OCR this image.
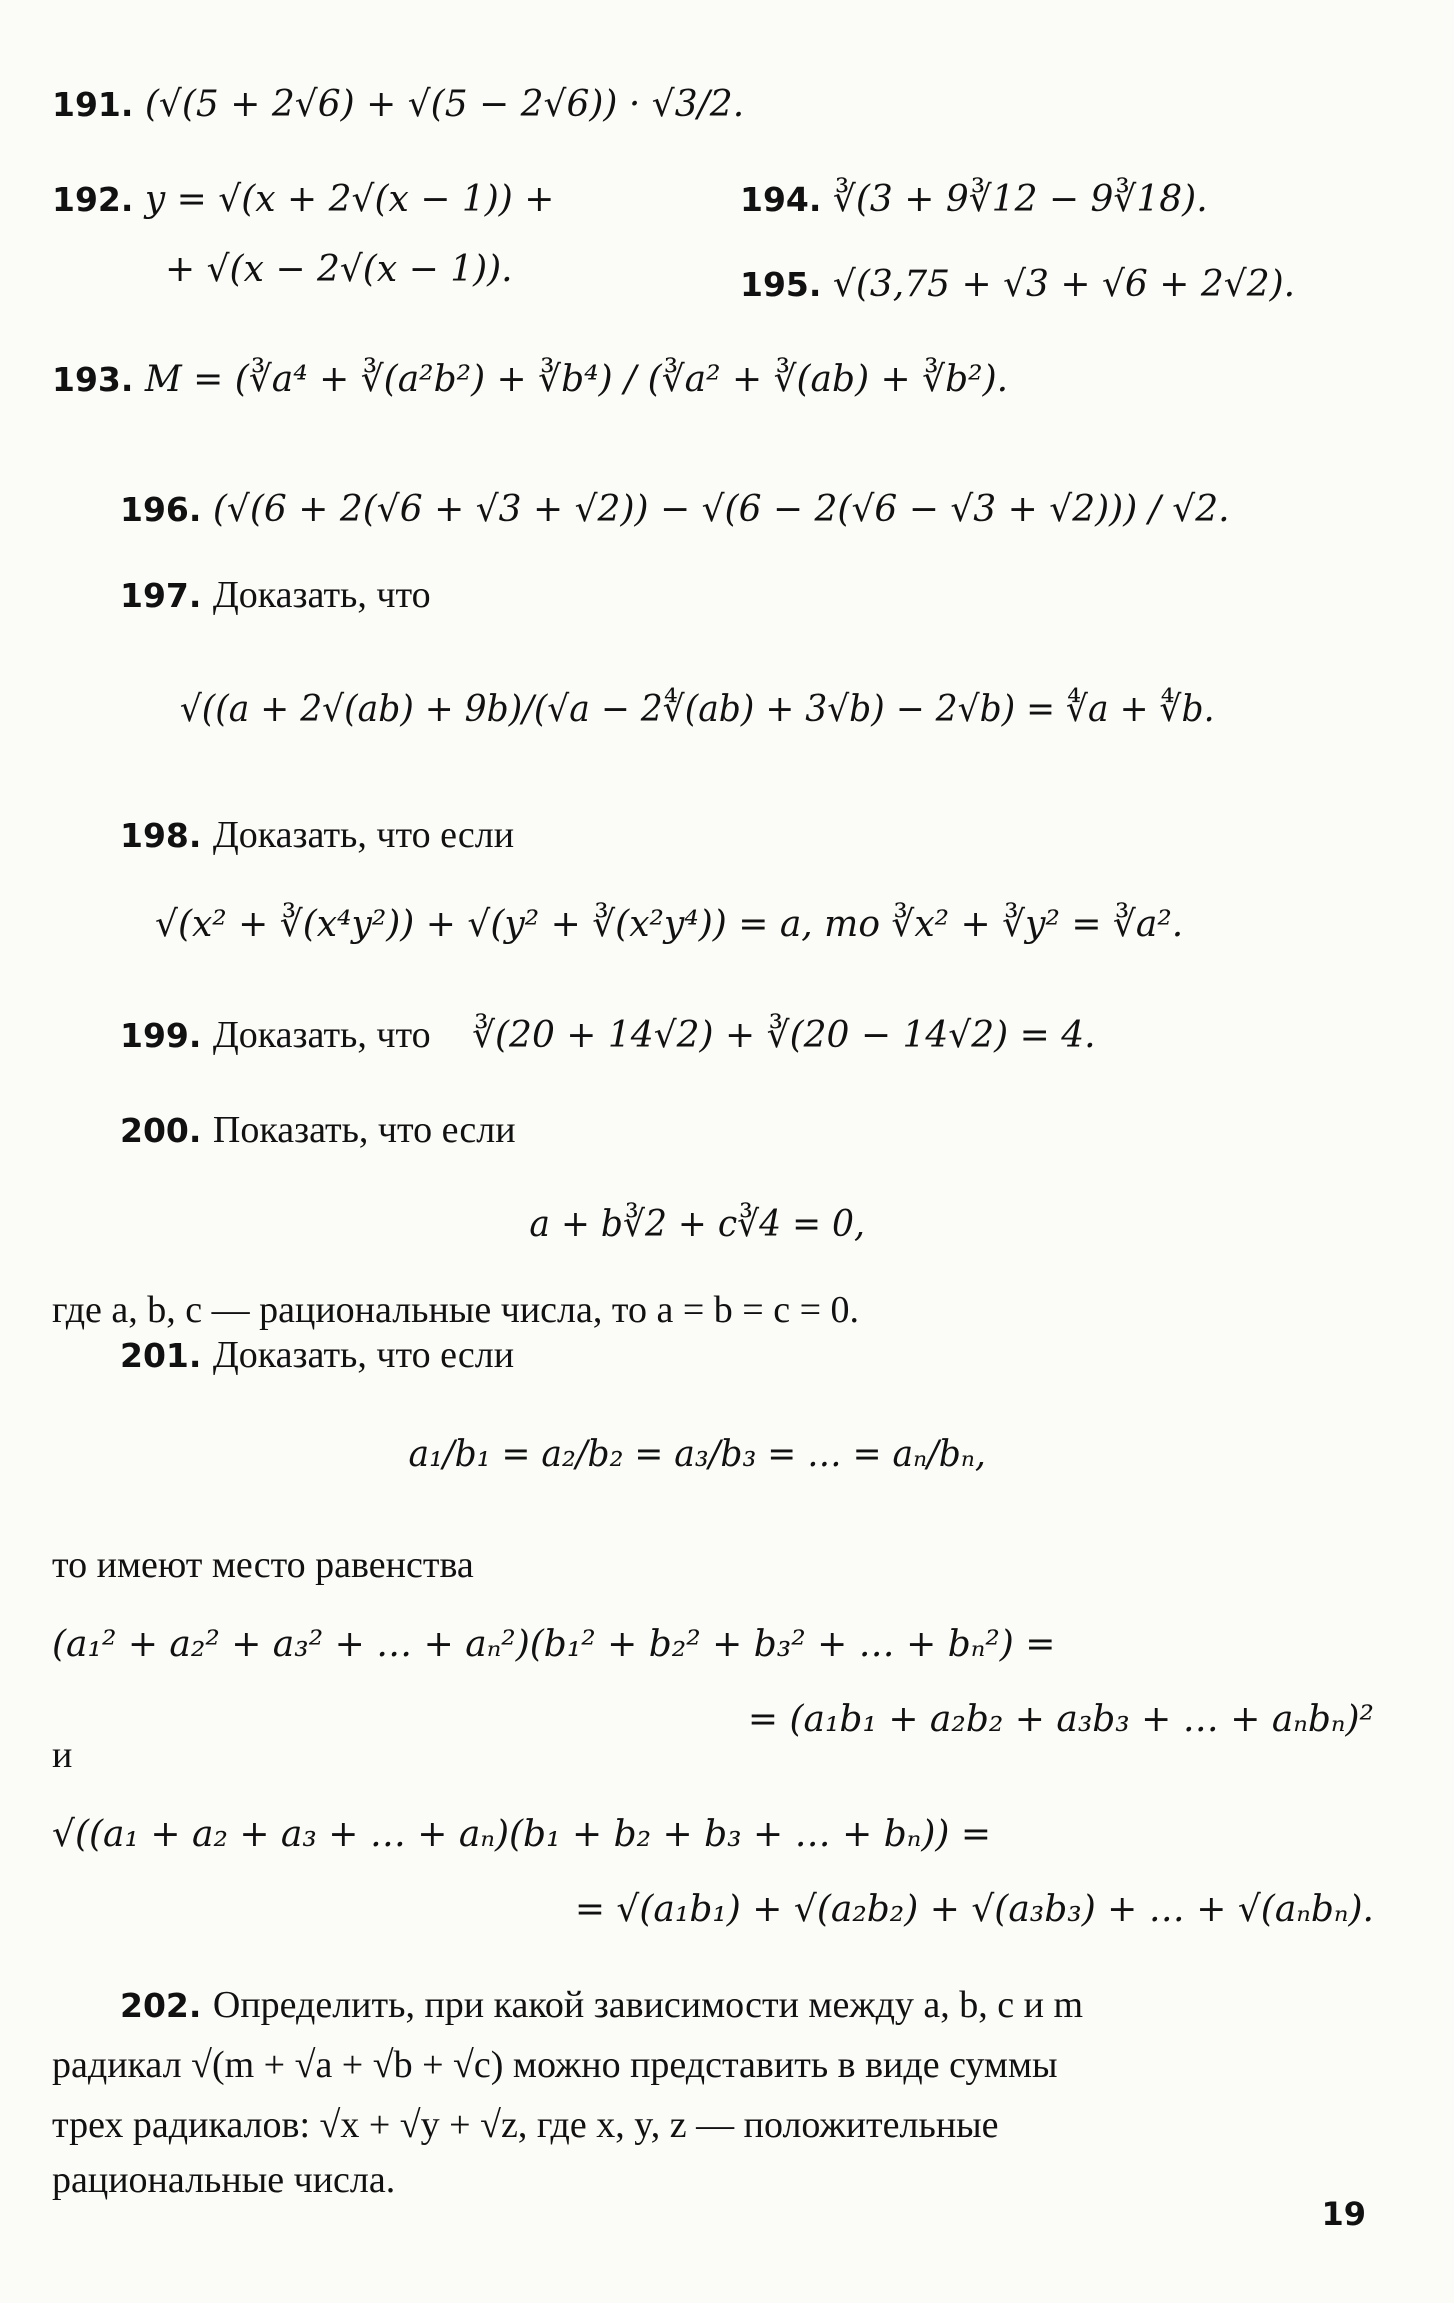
191. (√(5 + 2√6) + √(5 − 2√6)) · √3/2.
192. y = √(x + 2√(x − 1)) +
+ √(x − 2√(x − 1)).
194. ∛(3 + 9∛12 − 9∛18).
195. √(3,75 + √3 + √6 + 2√2).
193. M = (∛a⁴ + ∛(a²b²) + ∛b⁴) / (∛a² + ∛(ab) + ∛b²).
196. (√(6 + 2(√6 + √3 + √2)) − √(6 − 2(√6 − √3 + √2))) / √2.
197. Доказать, что
√((a + 2√(ab) + 9b)/(√a − 2∜(ab) + 3√b) − 2√b) = ∜a + ∜b.
198. Доказать, что если
√(x² + ∛(x⁴y²)) + √(y² + ∛(x²y⁴)) = a, то ∛x² + ∛y² = ∛a².
199. Доказать, что ∛(20 + 14√2) + ∛(20 − 14√2) = 4.
200. Показать, что если
a + b∛2 + c∛4 = 0,
где a, b, c — рациональные числа, то a = b = c = 0.
201. Доказать, что если
a₁/b₁ = a₂/b₂ = a₃/b₃ = … = aₙ/bₙ,
то имеют место равенства
(a₁² + a₂² + a₃² + … + aₙ²)(b₁² + b₂² + b₃² + … + bₙ²) =
= (a₁b₁ + a₂b₂ + a₃b₃ + … + aₙbₙ)²
и
√((a₁ + a₂ + a₃ + … + aₙ)(b₁ + b₂ + b₃ + … + bₙ)) =
= √(a₁b₁) + √(a₂b₂) + √(a₃b₃) + … + √(aₙbₙ).
202. Определить, при какой зависимости между a, b, c и m
радикал √(m + √a + √b + √c) можно представить в виде суммы
трех радикалов: √x + √y + √z, где x, y, z — положительные
рациональные числа.
19
